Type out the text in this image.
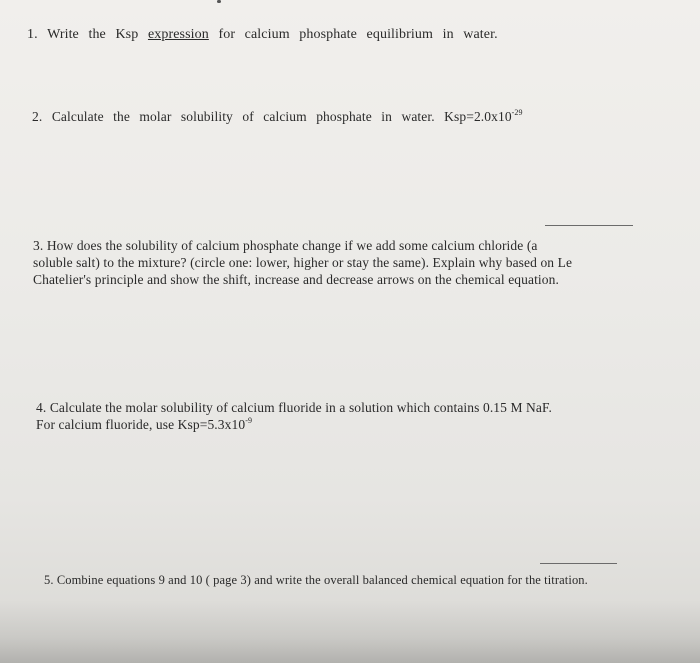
1. Write the Ksp expression for calcium phosphate equilibrium in water.
2. Calculate the molar solubility of calcium phosphate in water. $Ksp=2.0x10^{-29}$
3. How does the solubility of calcium phosphate change if we add some calcium chloride (a
soluble salt) to the mixture? (circle one: lower, higher or stay the same). Explain why based on Le
Chatelier's principle and show the shift, increase and decrease arrows on the chemical equation.
4. Calculate the molar solubility of calcium fluoride in a solution which contains 0.15 M NaF.
For calcium fluoride, use $Ksp=5.3x10^{-9}$
5. Combine equations 9 and 10 ( page 3) and write the overall balanced chemical equation for the titration.
